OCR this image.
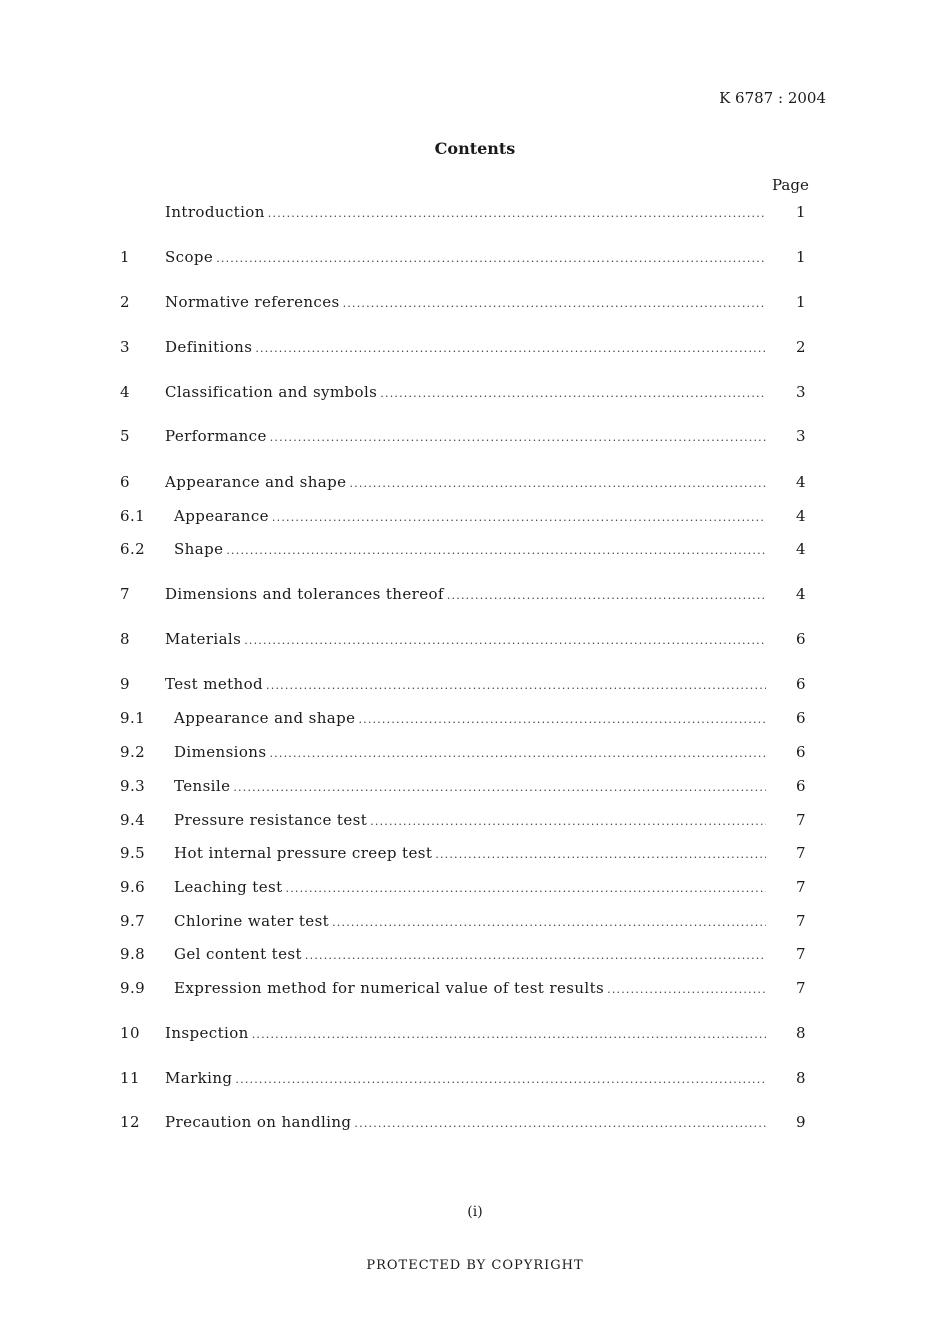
K 6787 : 2004
Contents
Page
Introduction .....	1
1	Scope .....	1
2	Normative references .....	1
3	Definitions .....	2
4	Classification and symbols .....	3
5	Performance .....	3
6	Appearance and shape .....	4
6.1	Appearance .....	4
6.2	Shape .....	4
7	Dimensions and tolerances thereof .....	4
8	Materials .....	6
9	Test method .....	6
9.1	Appearance and shape .....	6
9.2	Dimensions .....	6
9.3	Tensile .....	6
9.4	Pressure resistance test .....	7
9.5	Hot internal pressure creep test .....	7
9.6	Leaching test .....	7
9.7	Chlorine water test .....	7
9.8	Gel content test .....	7
9.9	Expression method for numerical value of test results .....	7
10	Inspection .....	8
11	Marking .....	8
12	Precaution on handling .....	9
(i)
PROTECTED BY COPYRIGHT
